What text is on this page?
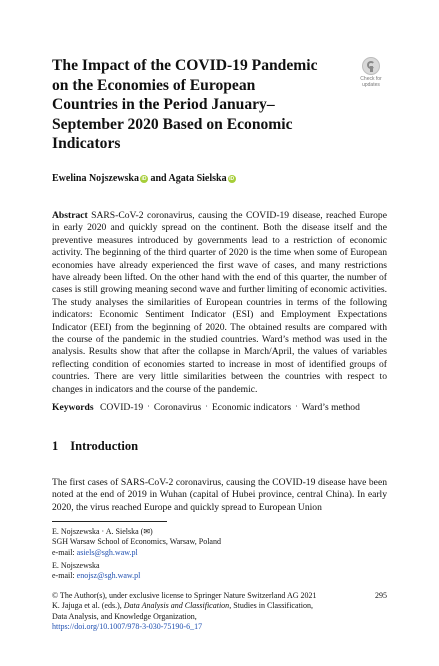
The Impact of the COVID-19 Pandemic
on the Economies of European
Countries in the Period January–
September 2020 Based on Economic
Indicators
Check for
updates
Ewelina Nojszewska iD and Agata Sielska iD

Abstract SARS-CoV-2 coronavirus, causing the COVID-19 disease, reached Europe in early 2020 and quickly spread on the continent. Both the disease itself and the preventive measures introduced by governments lead to a restriction of economic activity. The beginning of the third quarter of 2020 is the time when some of European economies have already experienced the first wave of cases, and many restrictions have already been lifted. On the other hand with the end of this quarter, the number of cases is still growing meaning second wave and further limiting of economic activities. The study analyses the similarities of European countries in terms of the following indicators: Economic Sentiment Indicator (ESI) and Employment Expectations Indicator (EEI) from the beginning of 2020. The obtained results are compared with the course of the pandemic in the studied countries. Ward’s method was used in the analysis. Results show that after the collapse in March/April, the values of variables reflecting condition of economies started to increase in most of identified groups of countries. There are very little similarities between the countries with respect to changes in indicators and the course of the pandemic.

Keywords COVID-19 · Coronavirus · Economic indicators · Ward’s method
1 Introduction

The first cases of SARS-CoV-2 coronavirus, causing the COVID-19 disease have been noted at the end of 2019 in Wuhan (capital of Hubei province, central China). In early 2020, the virus reached Europe and quickly spread to European Union

E. Nojszewska · A. Sielska (✉)
SGH Warsaw School of Economics, Warsaw, Poland
e-mail: asiels@sgh.waw.pl
E. Nojszewska
e-mail: enojsz@sgh.waw.pl
© The Author(s), under exclusive license to Springer Nature Switzerland AG 2021
K. Jajuga et al. (eds.), Data Analysis and Classification, Studies in Classification,
Data Analysis, and Knowledge Organization,
https://doi.org/10.1007/978-3-030-75190-6_17
295
